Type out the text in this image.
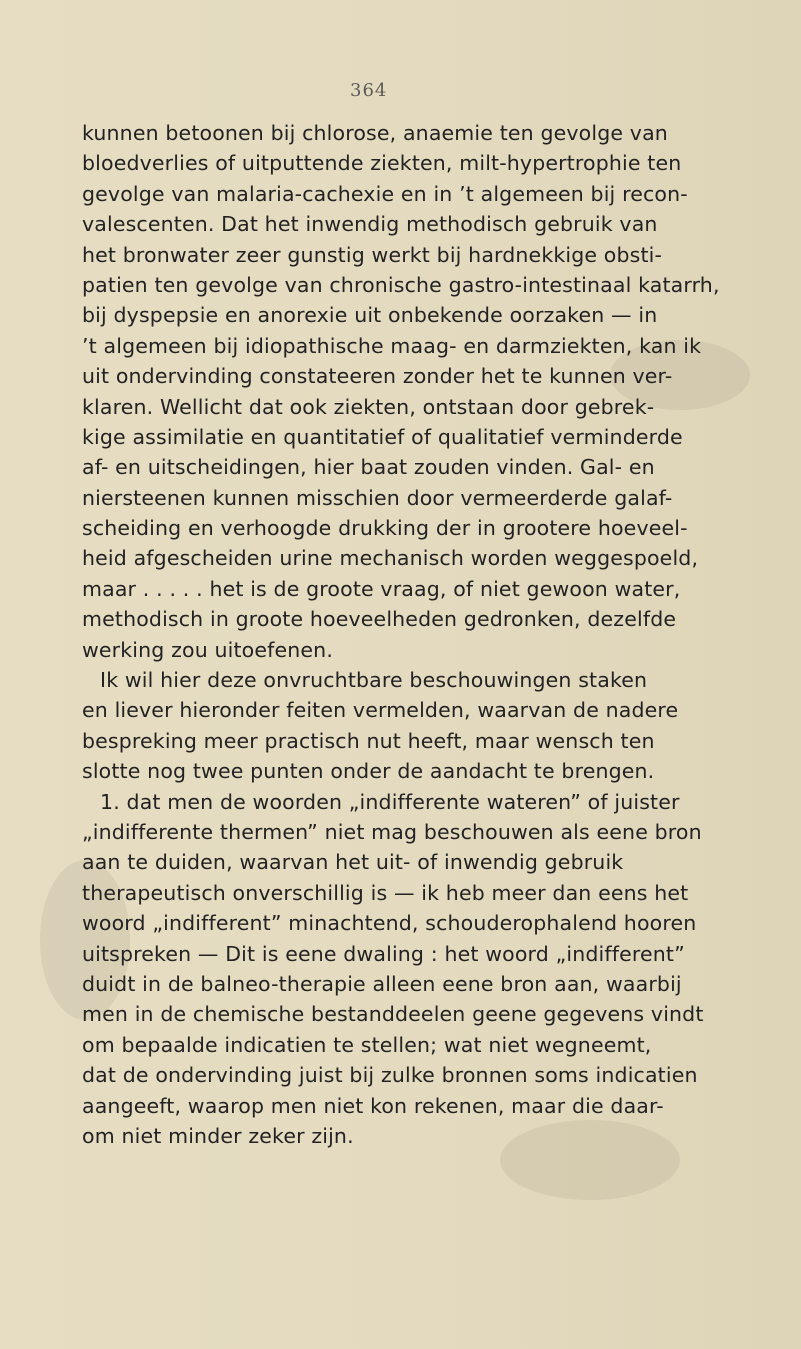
364
kunnen betoonen bij chlorose, anaemie ten gevolge van
bloedverlies of uitputtende ziekten, milt-hypertrophie ten
gevolge van malaria-cachexie en in ’t algemeen bij recon-
valescenten. Dat het inwendig methodisch gebruik van
het bronwater zeer gunstig werkt bij hardnekkige obsti-
patien ten gevolge van chronische gastro-intestinaal katarrh,
bij dyspepsie en anorexie uit onbekende oorzaken — in
’t algemeen bij idiopathische maag- en darmziekten, kan ik
uit ondervinding constateeren zonder het te kunnen ver-
klaren. Wellicht dat ook ziekten, ontstaan door gebrek-
kige assimilatie en quantitatief of qualitatief verminderde
af- en uitscheidingen, hier baat zouden vinden. Gal- en
niersteenen kunnen misschien door vermeerderde galaf-
scheiding en verhoogde drukking der in grootere hoeveel-
heid afgescheiden urine mechanisch worden weggespoeld,
maar . . . . . het is de groote vraag, of niet gewoon water,
methodisch in groote hoeveelheden gedronken, dezelfde
werking zou uitoefenen.
Ik wil hier deze onvruchtbare beschouwingen staken
en liever hieronder feiten vermelden, waarvan de nadere
bespreking meer practisch nut heeft, maar wensch ten
slotte nog twee punten onder de aandacht te brengen.
1. dat men de woorden „indifferente wateren” of juister
„indifferente thermen” niet mag beschouwen als eene bron
aan te duiden, waarvan het uit- of inwendig gebruik
therapeutisch onverschillig is — ik heb meer dan eens het
woord „indifferent” minachtend, schouderophalend hooren
uitspreken — Dit is eene dwaling : het woord „indifferent”
duidt in de balneo-therapie alleen eene bron aan, waarbij
men in de chemische bestanddeelen geene gegevens vindt
om bepaalde indicatien te stellen; wat niet wegneemt,
dat de ondervinding juist bij zulke bronnen soms indicatien
aangeeft, waarop men niet kon rekenen, maar die daar-
om niet minder zeker zijn.
